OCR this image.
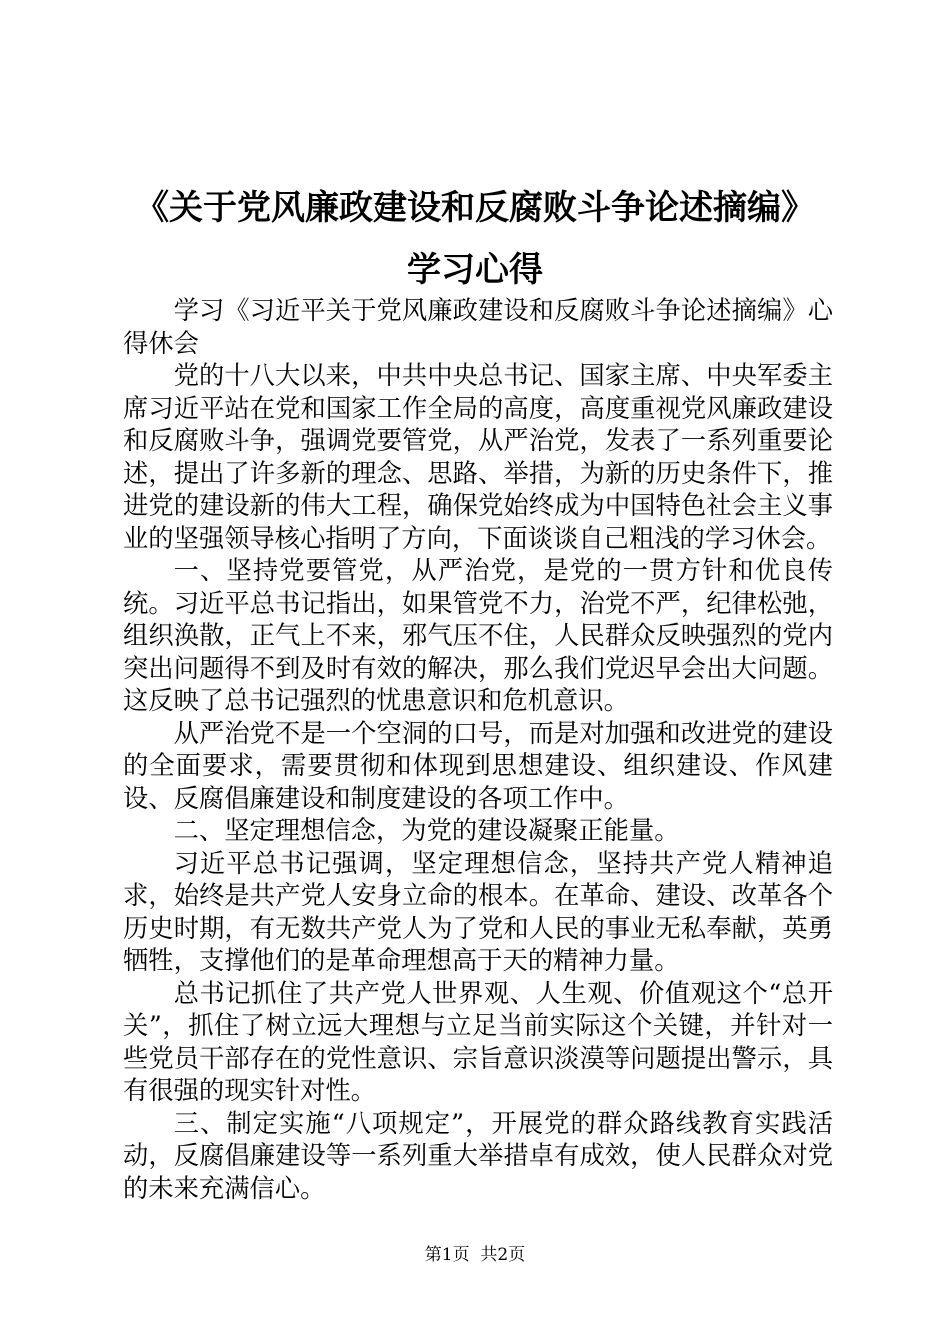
《关于党风廉政建设和反腐败斗争论述摘编》
学习心得

学习《习近平关于党风廉政建设和反腐败斗争论述摘编》心得休会

党的十八大以来，中共中央总书记、国家主席、中央军委主席习近平站在党和国家工作全局的高度，高度重视党风廉政建设和反腐败斗争，强调党要管党，从严治党，发表了一系列重要论述，提出了许多新的理念、思路、举措，为新的历史条件下，推进党的建设新的伟大工程，确保党始终成为中国特色社会主义事业的坚强领导核心指明了方向，下面谈谈自己粗浅的学习休会。

一、坚持党要管党，从严治党，是党的一贯方针和优良传统。习近平总书记指出，如果管党不力，治党不严，纪律松弛，组织涣散，正气上不来，邪气压不住，人民群众反映强烈的党内突出问题得不到及时有效的解决，那么我们党迟早会出大问题。这反映了总书记强烈的忧患意识和危机意识。

从严治党不是一个空洞的口号，而是对加强和改进党的建设的全面要求，需要贯彻和体现到思想建设、组织建设、作风建设、反腐倡廉建设和制度建设的各项工作中。

二、坚定理想信念，为党的建设凝聚正能量。

习近平总书记强调，坚定理想信念，坚持共产党人精神追求，始终是共产党人安身立命的根本。在革命、建设、改革各个历史时期，有无数共产党人为了党和人民的事业无私奉献，英勇牺牲，支撑他们的是革命理想高于天的精神力量。

总书记抓住了共产党人世界观、人生观、价值观这个“总开关”，抓住了树立远大理想与立足当前实际这个关键，并针对一些党员干部存在的党性意识、宗旨意识淡漠等问题提出警示，具有很强的现实针对性。

三、制定实施“八项规定”，开展党的群众路线教育实践活动，反腐倡廉建设等一系列重大举措卓有成效，使人民群众对党的未来充满信心。

第1页  共2页
